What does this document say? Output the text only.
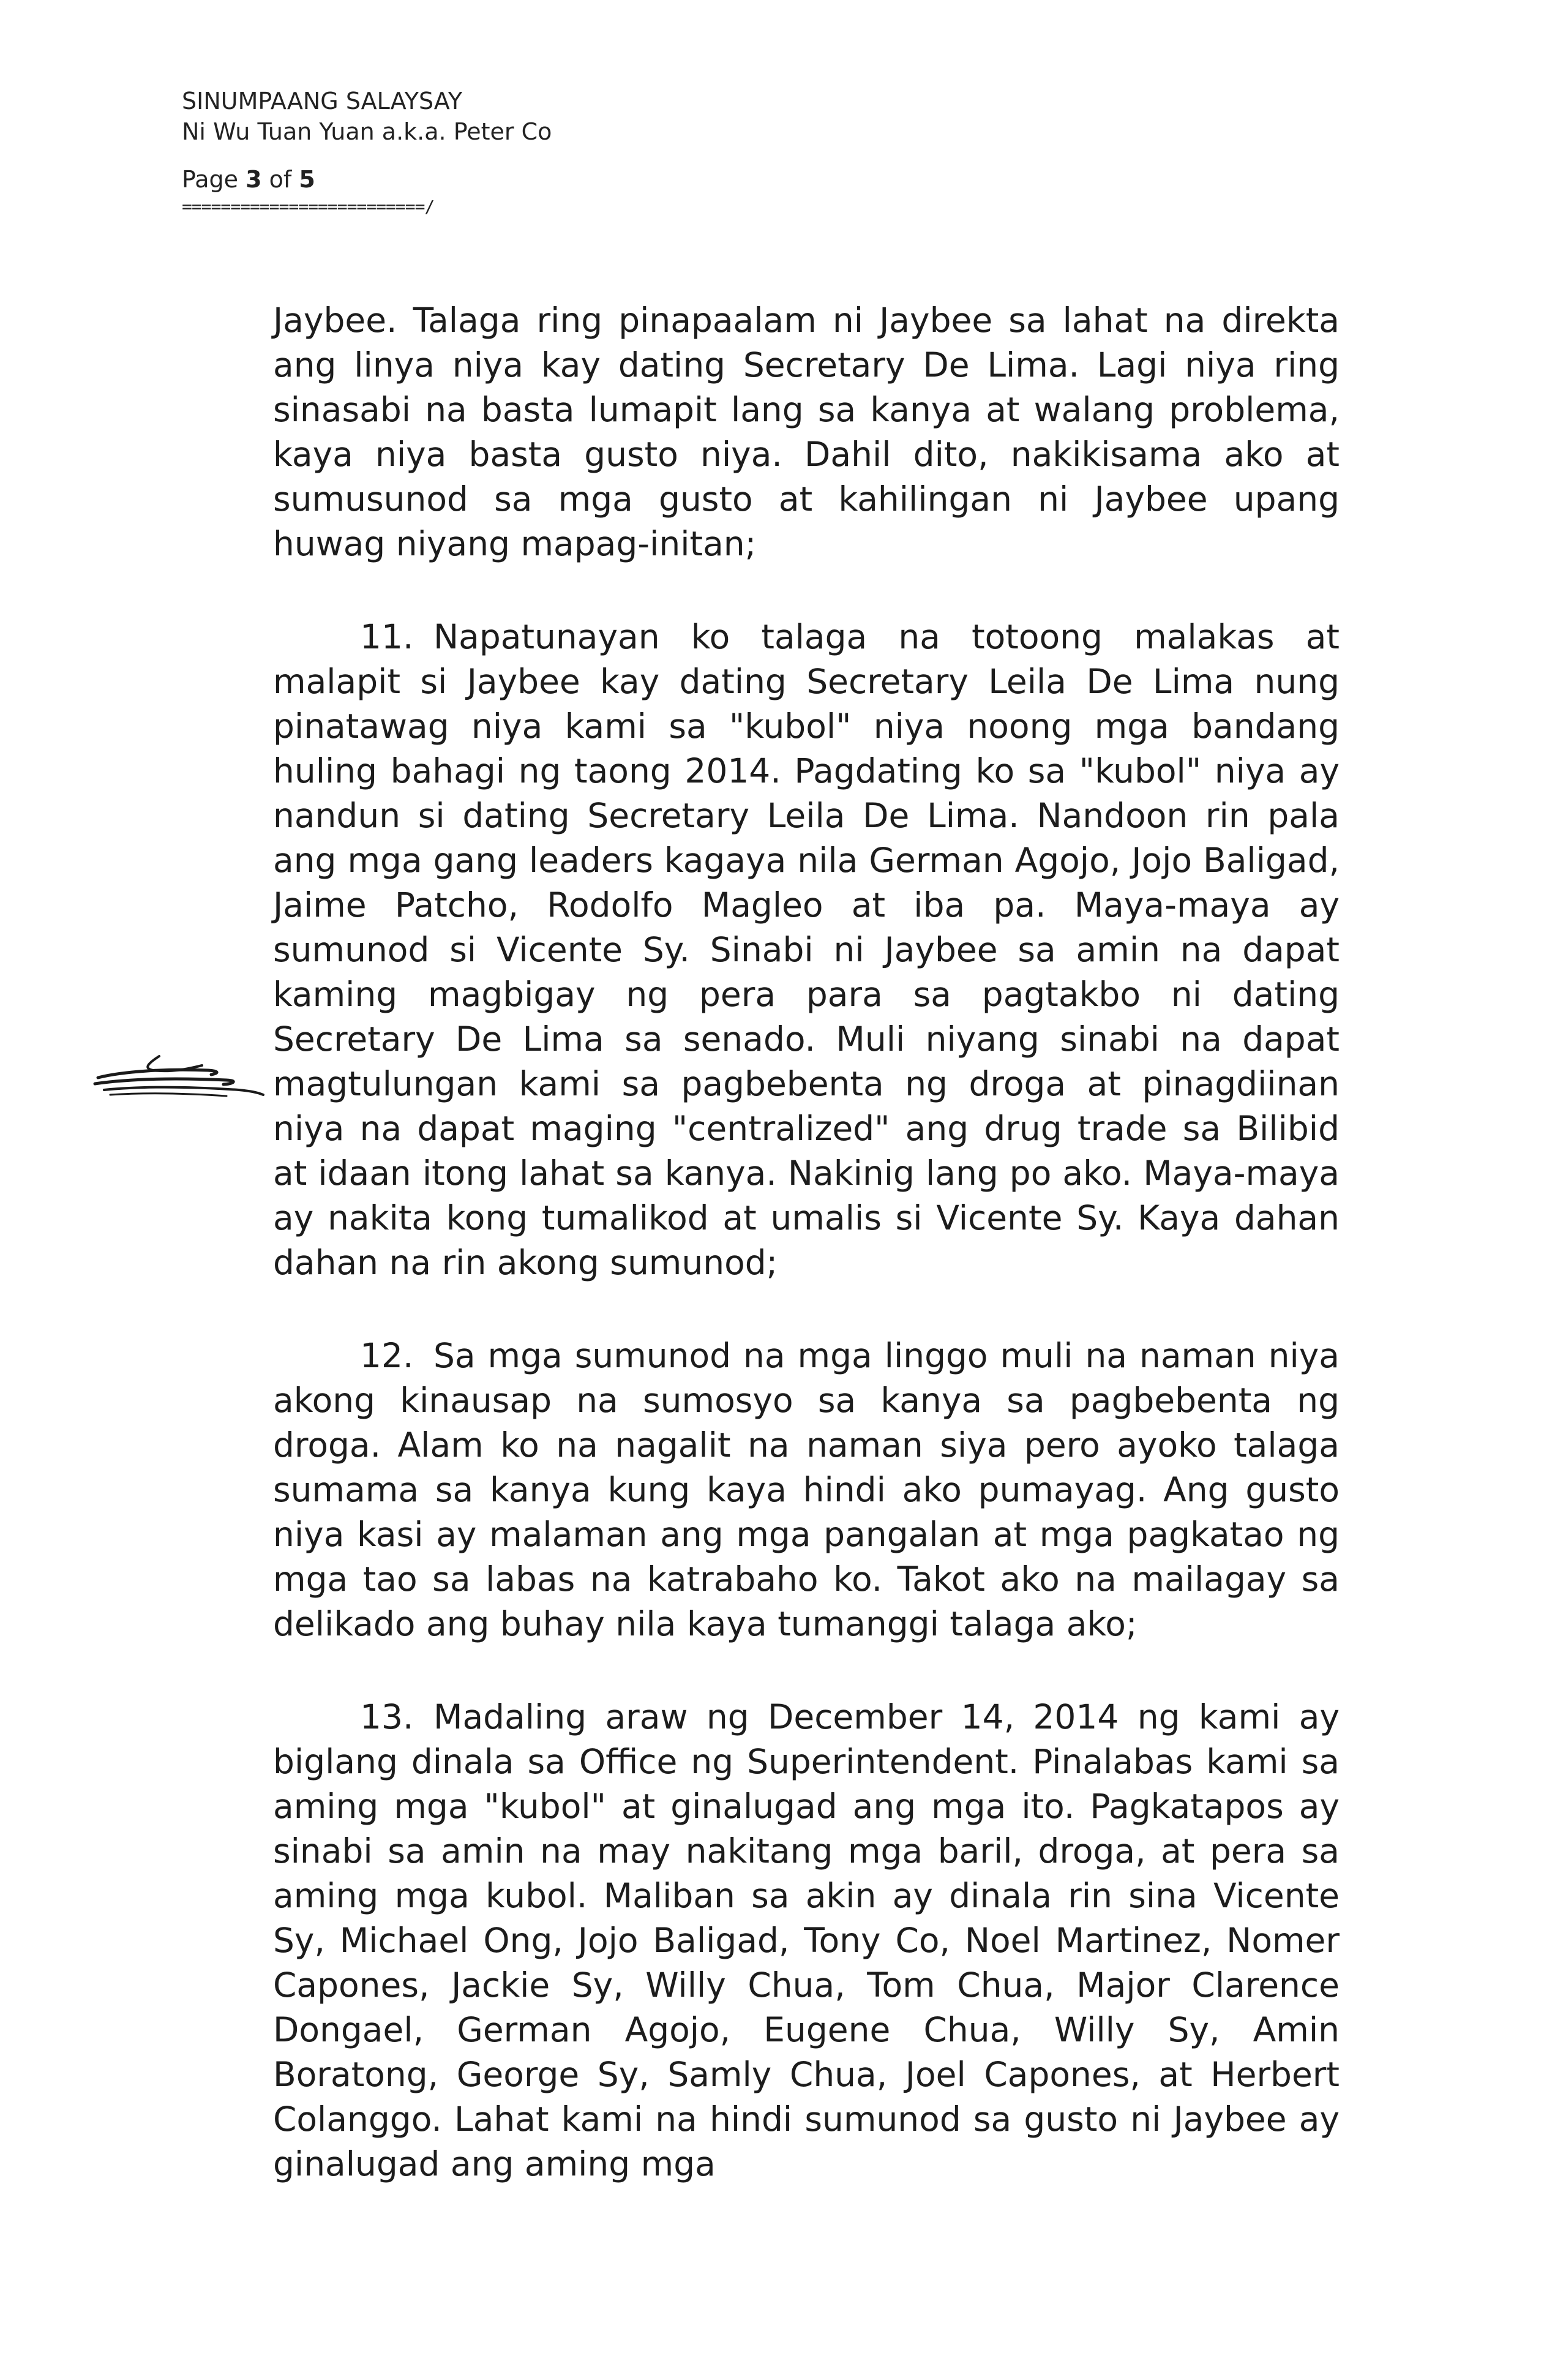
SINUMPAANG SALAYSAY
Ni Wu Tuan Yuan a.k.a. Peter Co
Page 3 of 5
=========================/

Jaybee. Talaga ring pinapaalam ni Jaybee sa lahat na direkta ang linya niya kay dating Secretary De Lima. Lagi niya ring sinasabi na basta lumapit lang sa kanya at walang problema, kaya niya basta gusto niya. Dahil dito, nakikisama ako at sumusunod sa mga gusto at kahilingan ni Jaybee upang huwag niyang mapag-initan;

11. Napatunayan ko talaga na totoong malakas at malapit si Jaybee kay dating Secretary Leila De Lima nung pinatawag niya kami sa "kubol" niya noong mga bandang huling bahagi ng taong 2014. Pagdating ko sa "kubol" niya ay nandun si dating Secretary Leila De Lima. Nandoon rin pala ang mga gang leaders kagaya nila German Agojo, Jojo Baligad, Jaime Patcho, Rodolfo Magleo at iba pa. Maya-maya ay sumunod si Vicente Sy. Sinabi ni Jaybee sa amin na dapat kaming magbigay ng pera para sa pagtakbo ni dating Secretary De Lima sa senado. Muli niyang sinabi na dapat magtulungan kami sa pagbebenta ng droga at pinagdiinan niya na dapat maging "centralized" ang drug trade sa Bilibid at idaan itong lahat sa kanya. Nakinig lang po ako. Maya-maya ay nakita kong tumalikod at umalis si Vicente Sy. Kaya dahan dahan na rin akong sumunod;

12. Sa mga sumunod na mga linggo muli na naman niya akong kinausap na sumosyo sa kanya sa pagbebenta ng droga. Alam ko na nagalit na naman siya pero ayoko talaga sumama sa kanya kung kaya hindi ako pumayag. Ang gusto niya kasi ay malaman ang mga pangalan at mga pagkatao ng mga tao sa labas na katrabaho ko. Takot ako na mailagay sa delikado ang buhay nila kaya tumanggi talaga ako;

13. Madaling araw ng December 14, 2014 ng kami ay biglang dinala sa Office ng Superintendent. Pinalabas kami sa aming mga "kubol" at ginalugad ang mga ito. Pagkatapos ay sinabi sa amin na may nakitang mga baril, droga, at pera sa aming mga kubol. Maliban sa akin ay dinala rin sina Vicente Sy, Michael Ong, Jojo Baligad, Tony Co, Noel Martinez, Nomer Capones, Jackie Sy, Willy Chua, Tom Chua, Major Clarence Dongael, German Agojo, Eugene Chua, Willy Sy, Amin Boratong, George Sy, Samly Chua, Joel Capones, at Herbert Colanggo. Lahat kami na hindi sumunod sa gusto ni Jaybee ay ginalugad ang aming mga
